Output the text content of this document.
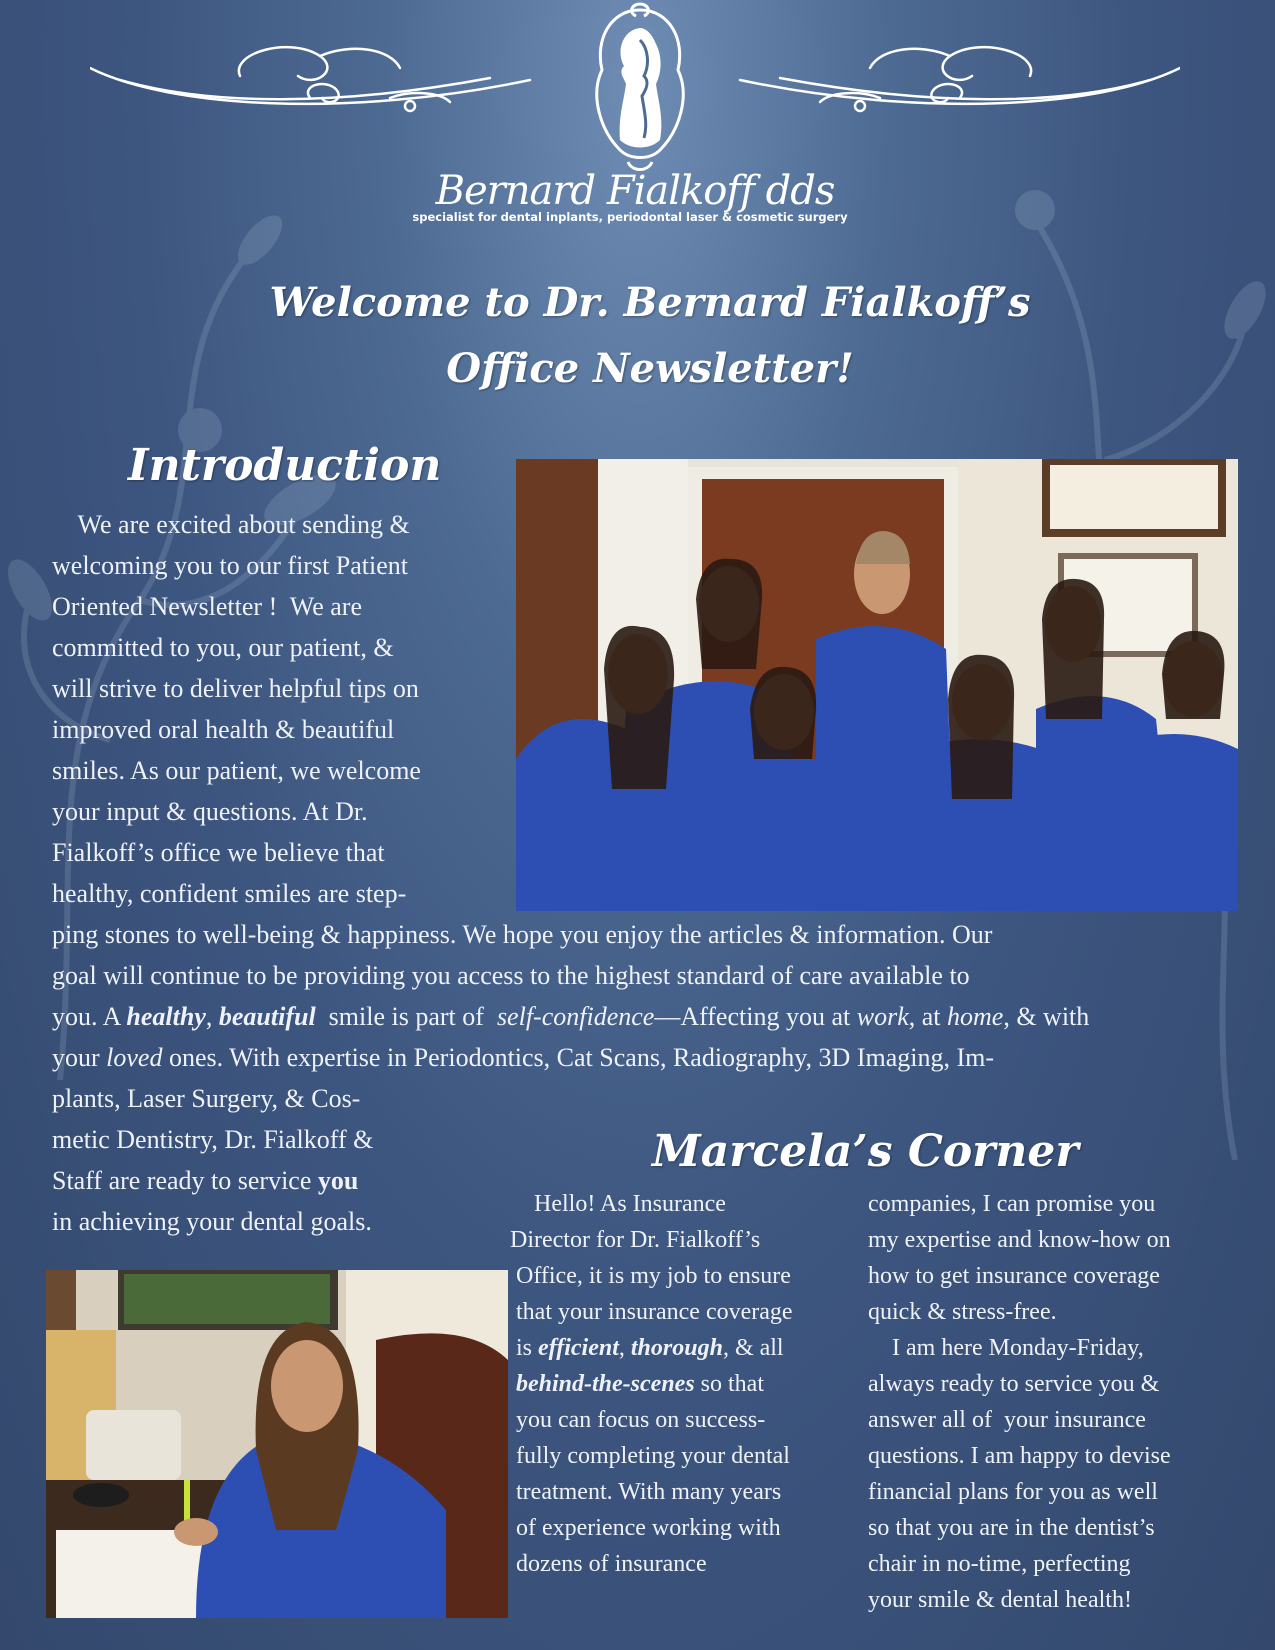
Bernard Fialkoff dds
specialist for dental inplants, periodontal laser & cosmetic surgery
Welcome to Dr. Bernard Fialkoff’s
Office Newsletter!
Introduction
We are excited about sending &
welcoming you to our first Patient
Oriented Newsletter !  We are
committed to you, our patient, &
will strive to deliver helpful tips on
improved oral health & beautiful
smiles. As our patient, we welcome
your input & questions. At Dr.
Fialkoff’s office we believe that
healthy, confident smiles are step-
ping stones to well-being & happiness. We hope you enjoy the articles & information. Our
goal will continue to be providing you access to the highest standard of care available to
you. A healthy, beautiful  smile is part of  self-confidence—Affecting you at work, at home, & with
your loved ones. With expertise in Periodontics, Cat Scans, Radiography, 3D Imaging, Im-
plants, Laser Surgery, & Cos-
metic Dentistry, Dr. Fialkoff &
Staff are ready to service you
in achieving your dental goals.
Marcela’s Corner
Hello! As Insurance
Director for Dr. Fialkoff’s
Office, it is my job to ensure
that your insurance coverage
is efficient, thorough, & all
behind-the-scenes so that
you can focus on success-
fully completing your dental
treatment. With many years
of experience working with
dozens of insurance
companies, I can promise you
my expertise and know-how on
how to get insurance coverage
quick & stress-free.
I am here Monday-Friday,
always ready to service you &
answer all of  your insurance
questions. I am happy to devise
financial plans for you as well
so that you are in the dentist’s
chair in no-time, perfecting
your smile & dental health!
